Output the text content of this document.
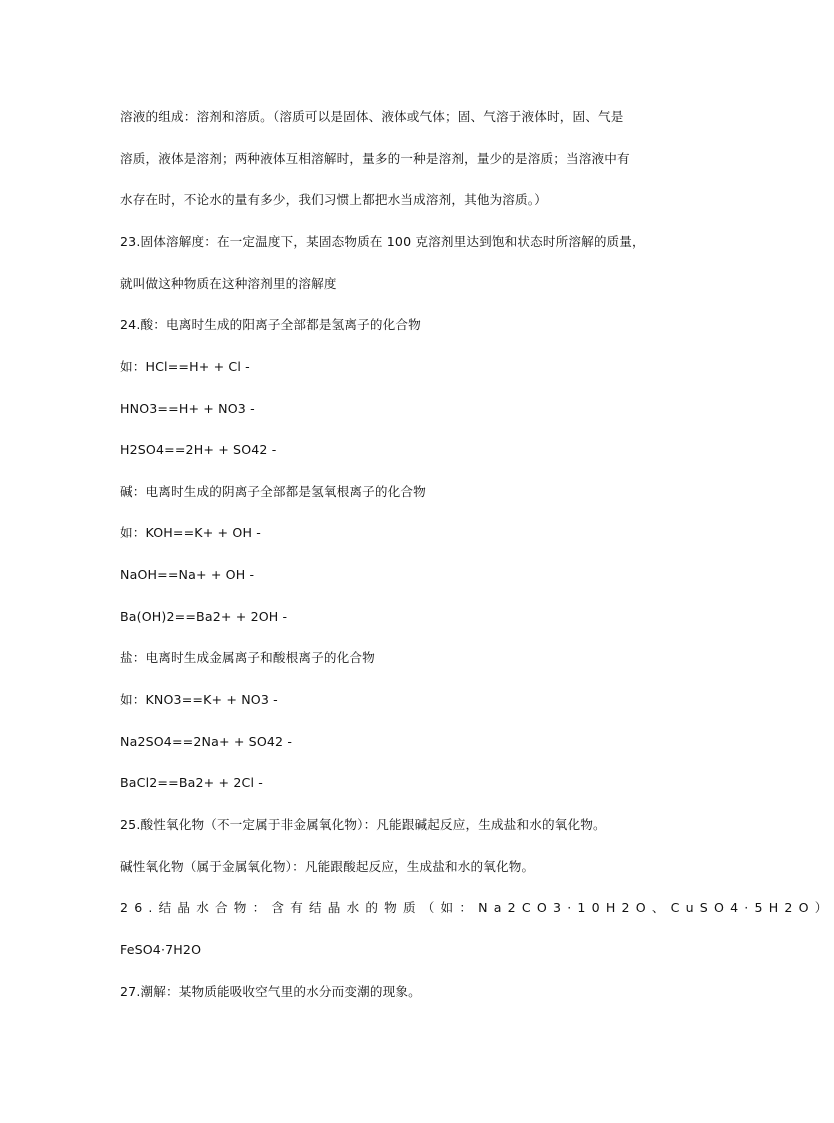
溶液的组成：溶剂和溶质。（溶质可以是固体、液体或气体；固、气溶于液体时，固、气是
溶质，液体是溶剂；两种液体互相溶解时，量多的一种是溶剂，量少的是溶质；当溶液中有
水存在时，不论水的量有多少，我们习惯上都把水当成溶剂，其他为溶质。）
23.固体溶解度：在一定温度下，某固态物质在 100 克溶剂里达到饱和状态时所溶解的质量，
就叫做这种物质在这种溶剂里的溶解度
24.酸：电离时生成的阳离子全部都是氢离子的化合物
如：HCl==H+ + Cl -
HNO3==H+ + NO3 -
H2SO4==2H+ + SO42 -
碱：电离时生成的阴离子全部都是氢氧根离子的化合物
如：KOH==K+ + OH -
NaOH==Na+ + OH -
Ba(OH)2==Ba2+ + 2OH -
盐：电离时生成金属离子和酸根离子的化合物
如：KNO3==K+ + NO3 -
Na2SO4==2Na+ + SO42 -
BaCl2==Ba2+ + 2Cl -
25.酸性氧化物（不一定属于非金属氧化物）：凡能跟碱起反应，生成盐和水的氧化物。
碱性氧化物（属于金属氧化物）：凡能跟酸起反应，生成盐和水的氧化物。
26.结晶水合物：含有结晶水的物质（如：Na2CO3·10H2O、CuSO4·5H2O）
FeSO4·7H2O
27.潮解：某物质能吸收空气里的水分而变潮的现象。
